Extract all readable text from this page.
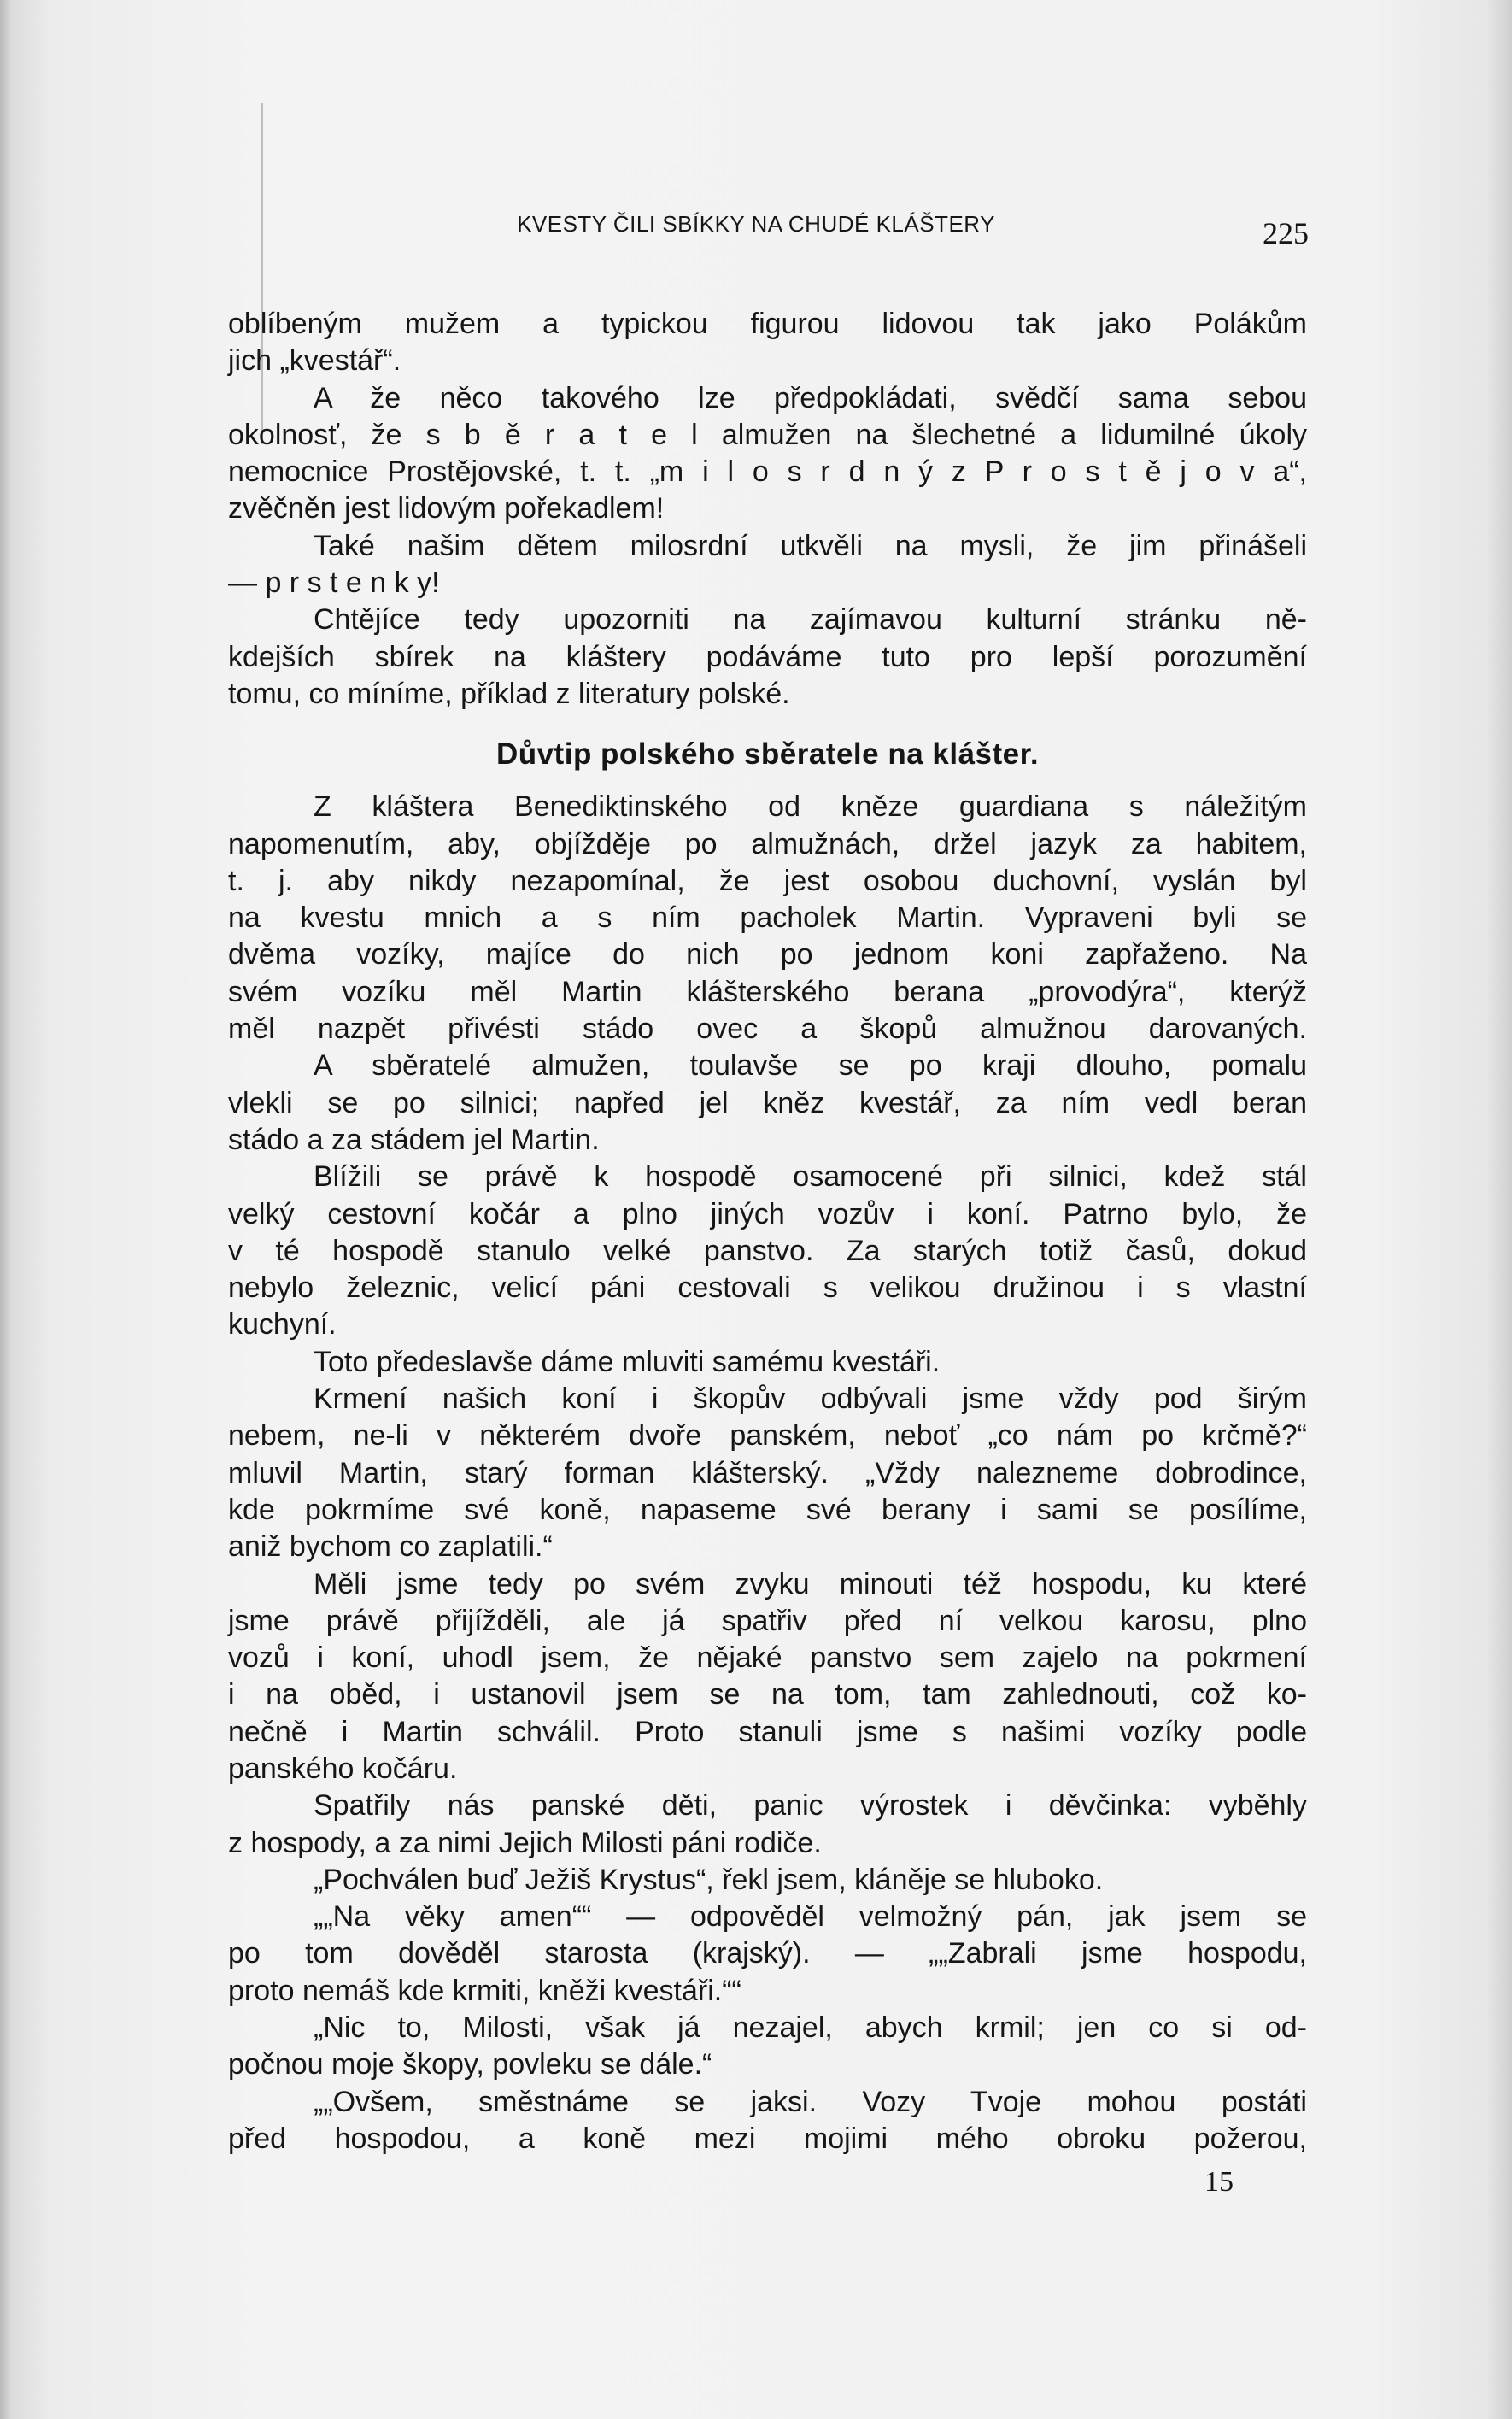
KVESTY ČILI SBÍKKY NA CHUDÉ KLÁŠTERY	225
oblíbeným mužem a typickou figurou lidovou tak jako Polákům
jich „kvestář“.
A že něco takového lze předpokládati, svědčí sama sebou
okolnosť, že s b ě r a t e l almužen na šlechetné a lidumilné úkoly
nemocnice Prostějovské, t. t. „m i l o s r d n ý z P r o s t ě j o v a“,
zvěčněn jest lidovým pořekadlem!
Také našim dětem milosrdní utkvěli na mysli, že jim přinášeli
— p r s t e n k y!
Chtějíce tedy upozorniti na zajímavou kulturní stránku ně-
kdejších sbírek na kláštery podáváme tuto pro lepší porozumění
tomu, co míníme, příklad z literatury polské.
Důvtip polského sběratele na klášter.
Z kláštera Benediktinského od kněze guardiana s náležitým
napomenutím, aby, objížděje po almužnách, držel jazyk za habitem,
t. j. aby nikdy nezapomínal, že jest osobou duchovní, vyslán byl
na kvestu mnich a s ním pacholek Martin. Vypraveni byli se
dvěma vozíky, majíce do nich po jednom koni zapřaženo. Na
svém vozíku měl Martin klášterského berana „provodýra“, kterýž
měl nazpět přivésti stádo ovec a škopů almužnou darovaných.
A sběratelé almužen, toulavše se po kraji dlouho, pomalu
vlekli se po silnici; napřed jel kněz kvestář, za ním vedl beran
stádo a za stádem jel Martin.
Blížili se právě k hospodě osamocené při silnici, kdež stál
velký cestovní kočár a plno jiných vozův i koní. Patrno bylo, že
v té hospodě stanulo velké panstvo. Za starých totiž časů, dokud
nebylo železnic, velicí páni cestovali s velikou družinou i s vlastní
kuchyní.
Toto předeslavše dáme mluviti samému kvestáři.
Krmení našich koní i škopův odbývali jsme vždy pod širým
nebem, ne-li v některém dvoře panském, neboť „co nám po krčmě?“
mluvil Martin, starý forman klášterský. „Vždy nalezneme dobrodince,
kde pokrmíme své koně, napaseme své berany i sami se posílíme,
aniž bychom co zaplatili.“
Měli jsme tedy po svém zvyku minouti též hospodu, ku které
jsme právě přijížděli, ale já spatřiv před ní velkou karosu, plno
vozů i koní, uhodl jsem, že nějaké panstvo sem zajelo na pokrmení
i na oběd, i ustanovil jsem se na tom, tam zahlednouti, což ko-
nečně i Martin schválil. Proto stanuli jsme s našimi vozíky podle
panského kočáru.
Spatřily nás panské děti, panic výrostek i děvčinka: vyběhly
z hospody, a za nimi Jejich Milosti páni rodiče.
„Pochválen buď Ježiš Krystus“, řekl jsem, kláněje se hluboko.
„„Na věky amen““ — odpověděl velmožný pán, jak jsem se
po tom dověděl starosta (krajský). — „„Zabrali jsme hospodu,
proto nemáš kde krmiti, kněži kvestáři.““
„Nic to, Milosti, však já nezajel, abych krmil; jen co si od-
počnou moje škopy, povleku se dále.“
„„Ovšem, směstnáme se jaksi. Vozy Tvoje mohou postáti
před hospodou, a koně mezi mojimi mého obroku požerou,
15
